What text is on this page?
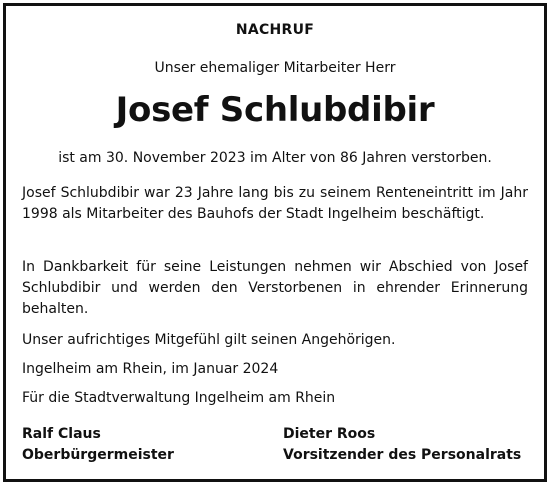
NACHRUF
Unser ehemaliger Mitarbeiter Herr
Josef Schlubdibir
ist am 30. November 2023 im Alter von 86 Jahren verstorben.
Josef Schlubdibir war 23 Jahre lang bis zu seinem Renteneintritt im Jahr 1998 als Mitarbeiter des Bauhofs der Stadt Ingelheim beschäftigt.
In Dankbarkeit für seine Leistungen nehmen wir Abschied von Josef Schlubdibir und werden den Verstorbenen in ehrender Erinnerung behalten.
Unser aufrichtiges Mitgefühl gilt seinen Angehörigen.
Ingelheim am Rhein, im Januar 2024
Für die Stadtverwaltung Ingelheim am Rhein
Ralf Claus
Oberbürgermeister
Dieter Roos
Vorsitzender des Personalrats
